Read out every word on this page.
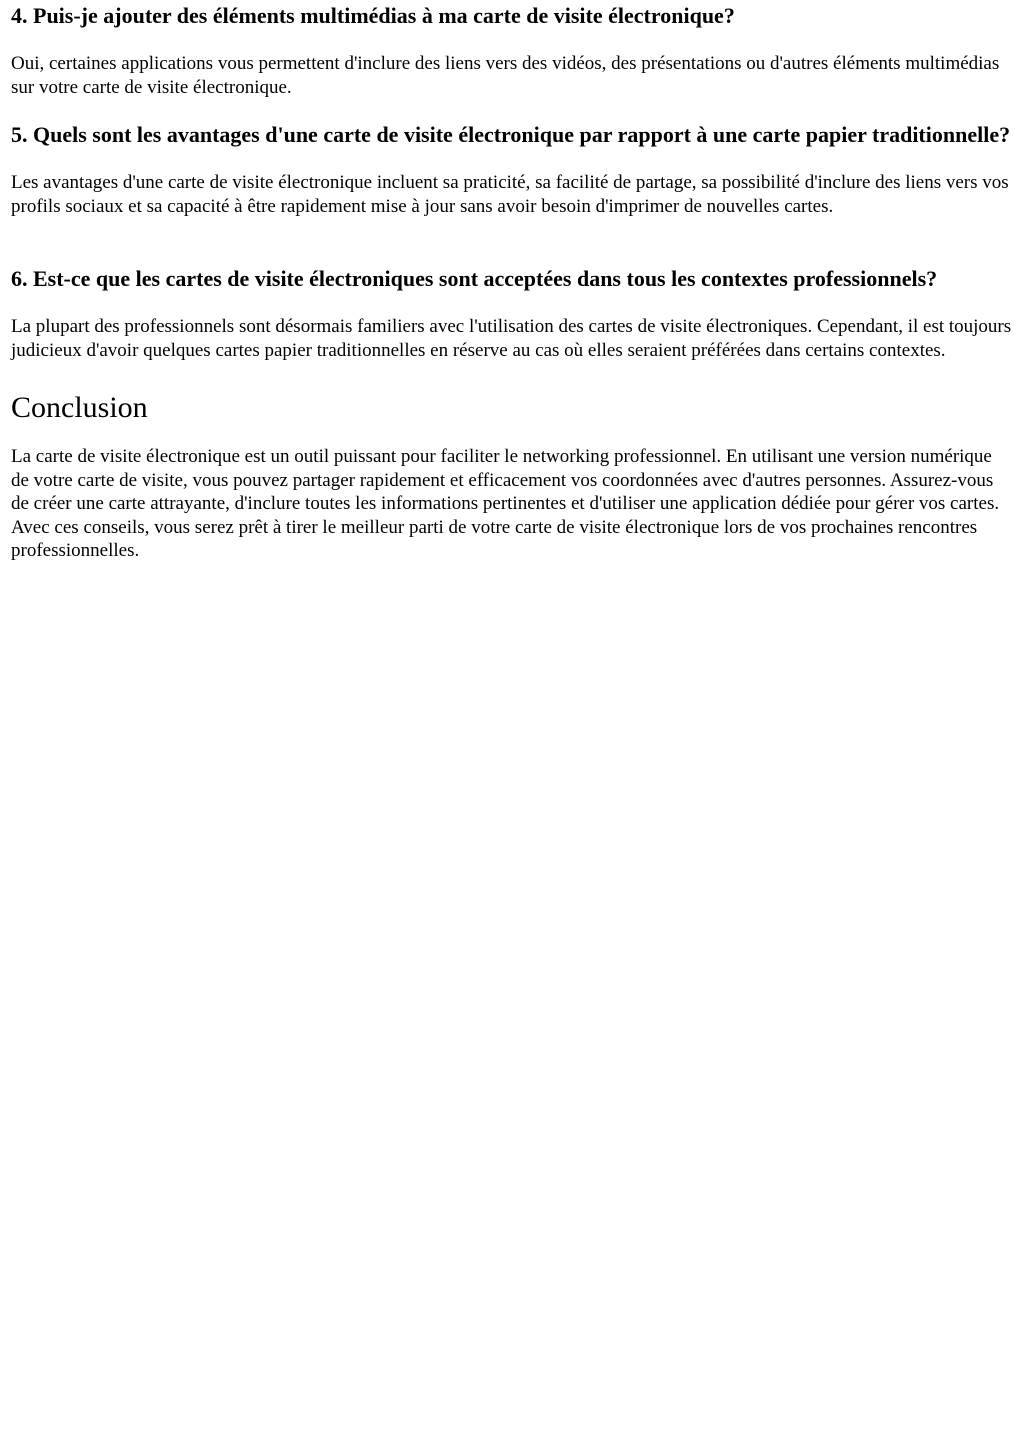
4. Puis-je ajouter des éléments multimédias à ma carte de visite électronique?

Oui, certaines applications vous permettent d'inclure des liens vers des vidéos, des présentations ou d'autres éléments multimédias sur votre carte de visite électronique.

5. Quels sont les avantages d'une carte de visite électronique par rapport à une carte papier traditionnelle?

Les avantages d'une carte de visite électronique incluent sa praticité, sa facilité de partage, sa possibilité d'inclure des liens vers vos profils sociaux et sa capacité à être rapidement mise à jour sans avoir besoin d'imprimer de nouvelles cartes.

6. Est-ce que les cartes de visite électroniques sont acceptées dans tous les contextes professionnels?

La plupart des professionnels sont désormais familiers avec l'utilisation des cartes de visite électroniques. Cependant, il est toujours judicieux d'avoir quelques cartes papier traditionnelles en réserve au cas où elles seraient préférées dans certains contextes.

Conclusion

La carte de visite électronique est un outil puissant pour faciliter le networking professionnel. En utilisant une version numérique de votre carte de visite, vous pouvez partager rapidement et efficacement vos coordonnées avec d'autres personnes. Assurez-vous de créer une carte attrayante, d'inclure toutes les informations pertinentes et d'utiliser une application dédiée pour gérer vos cartes. Avec ces conseils, vous serez prêt à tirer le meilleur parti de votre carte de visite électronique lors de vos prochaines rencontres professionnelles.
